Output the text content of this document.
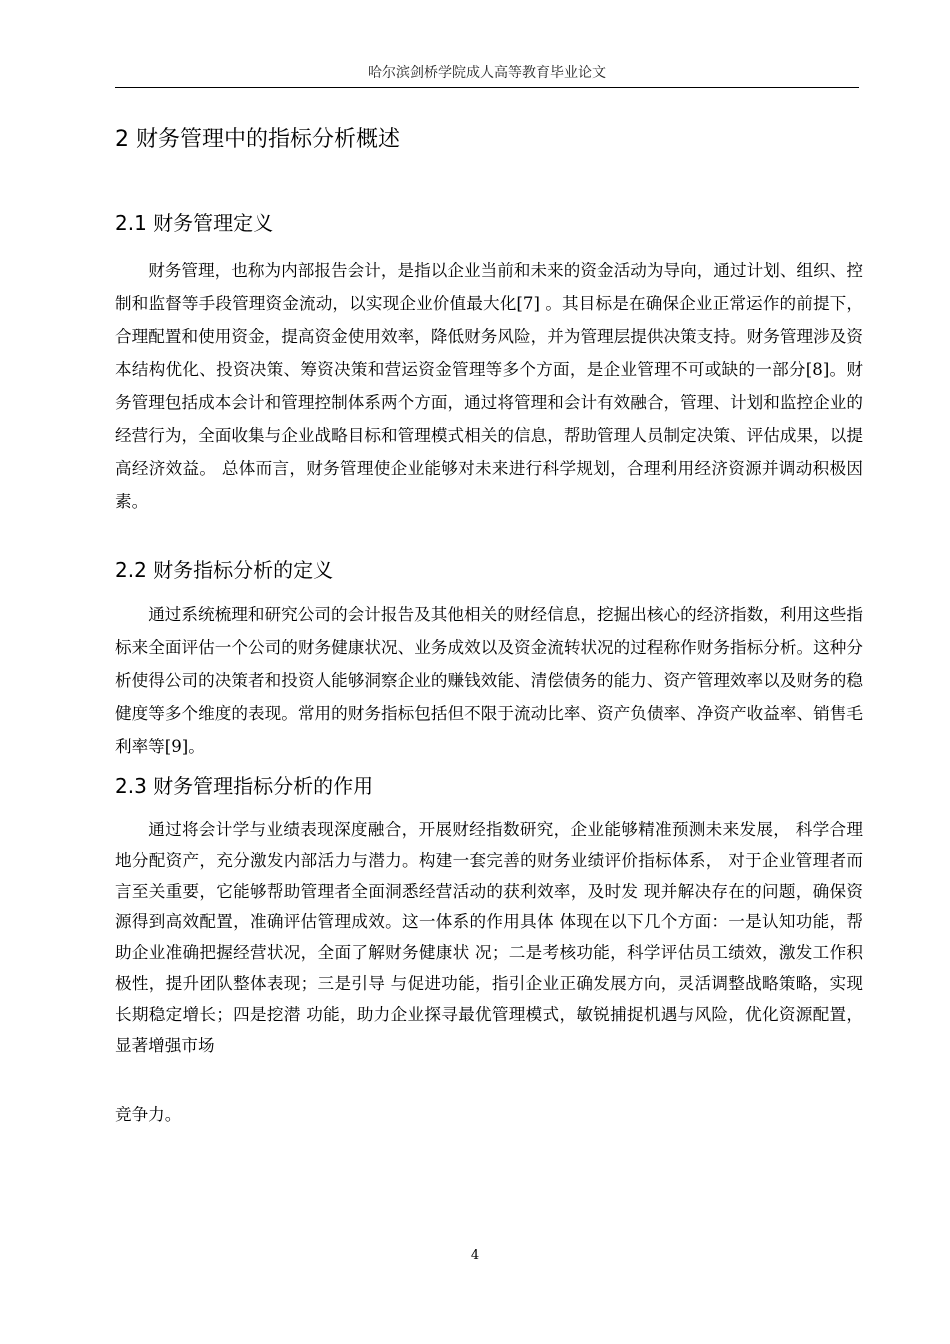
哈尔滨剑桥学院成人高等教育毕业论文
2 财务管理中的指标分析概述
2.1 财务管理定义

财务管理，也称为内部报告会计，是指以企业当前和未来的资金活动为导向，通过计划、组织、控制和监督等手段管理资金流动，以实现企业价值最大化[7] 。其目标是在确保企业正常运作的前提下，合理配置和使用资金，提高资金使用效率，降低财务风险，并为管理层提供决策支持。财务管理涉及资本结构优化、投资决策、筹资决策和营运资金管理等多个方面，是企业管理不可或缺的一部分[8]。财务管理包括成本会计和管理控制体系两个方面，通过将管理和会计有效融合，管理、计划和监控企业的经营行为，全面收集与企业战略目标和管理模式相关的信息，帮助管理人员制定决策、评估成果，以提高经济效益。 总体而言，财务管理使企业能够对未来进行科学规划，合理利用经济资源并调动积极因素。

2.2 财务指标分析的定义

通过系统梳理和研究公司的会计报告及其他相关的财经信息，挖掘出核心的经济指数，利用这些指标来全面评估一个公司的财务健康状况、业务成效以及资金流转状况的过程称作财务指标分析。这种分析使得公司的决策者和投资人能够洞察企业的赚钱效能、清偿债务的能力、资产管理效率以及财务的稳健度等多个维度的表现。常用的财务指标包括但不限于流动比率、资产负债率、净资产收益率、销售毛利率等[9]。

2.3 财务管理指标分析的作用

通过将会计学与业绩表现深度融合，开展财经指数研究，企业能够精准预测未来发展， 科学合理地分配资产，充分激发内部活力与潜力。构建一套完善的财务业绩评价指标体系， 对于企业管理者而言至关重要，它能够帮助管理者全面洞悉经营活动的获利效率，及时发 现并解决存在的问题，确保资源得到高效配置，准确评估管理成效。这一体系的作用具体 体现在以下几个方面：一是认知功能，帮助企业准确把握经营状况，全面了解财务健康状 况；二是考核功能，科学评估员工绩效，激发工作积极性，提升团队整体表现；三是引导 与促进功能，指引企业正确发展方向，灵活调整战略策略，实现长期稳定增长；四是挖潜 功能，助力企业探寻最优管理模式，敏锐捕捉机遇与风险，优化资源配置，显著增强市场

竞争力。
4
